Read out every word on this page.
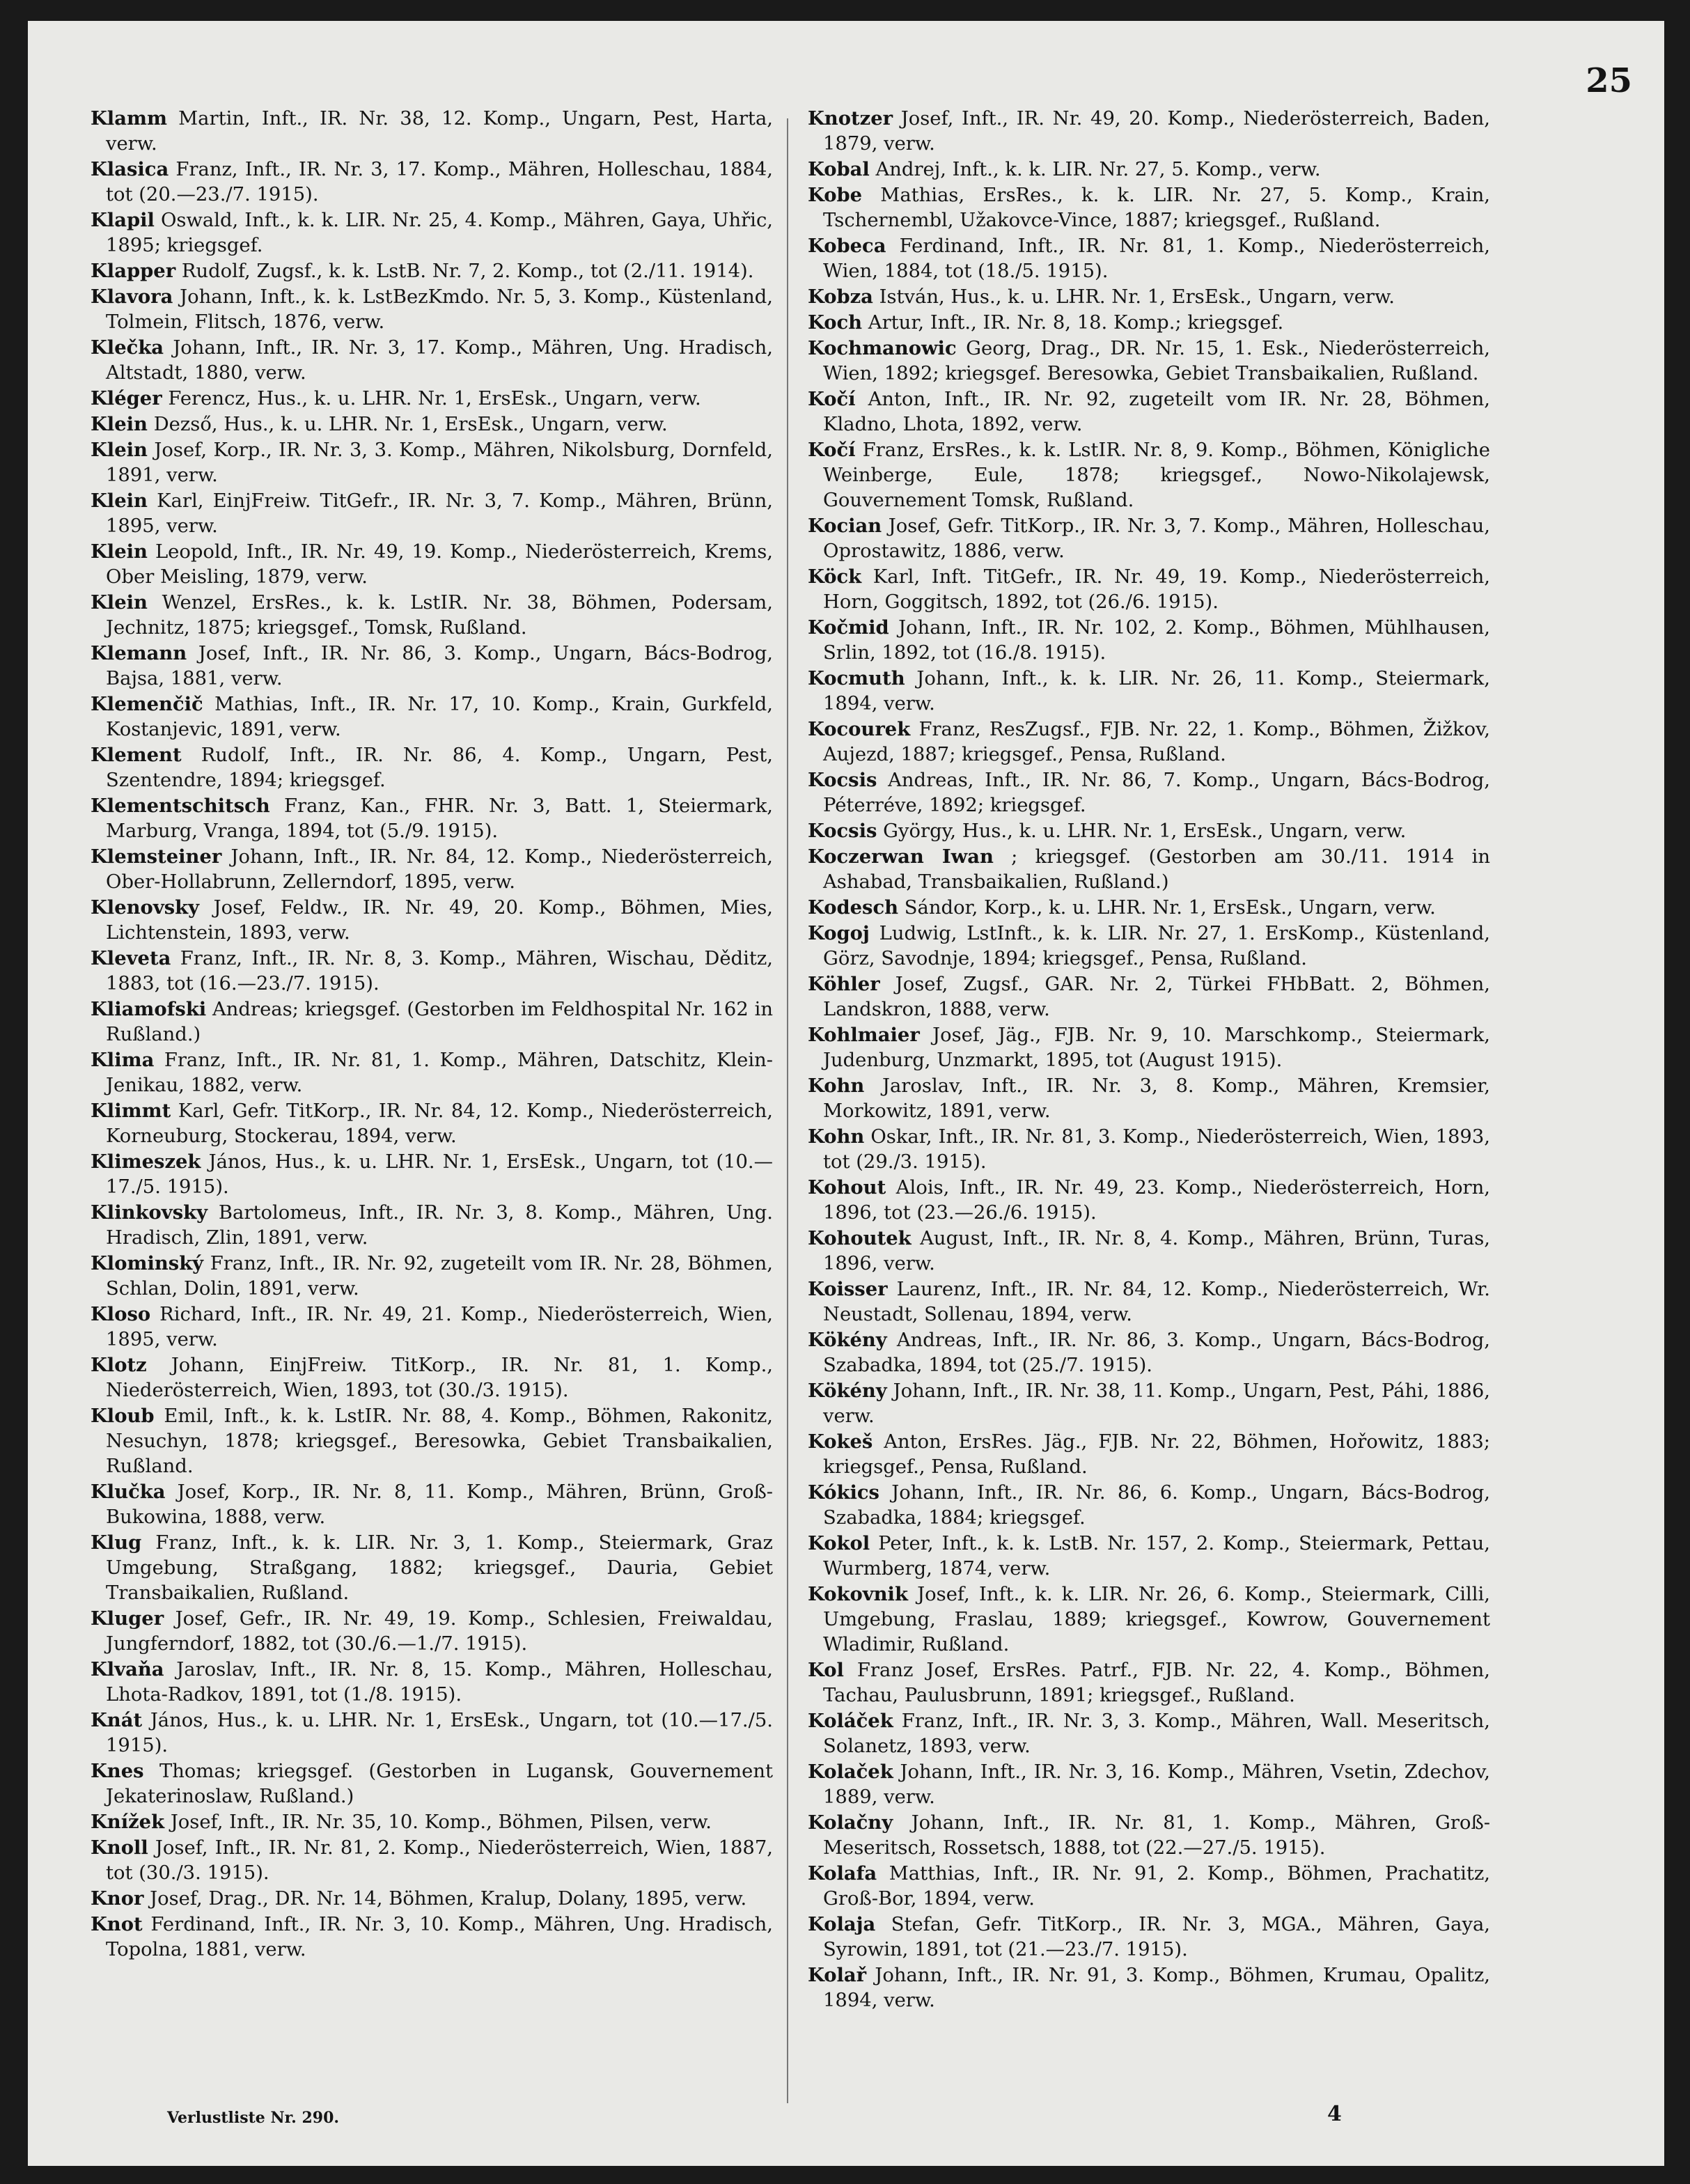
25

Klamm Martin, Inft., IR. Nr. 38, 12. Komp., Ungarn, Pest, Harta, verw.

Klasica Franz, Inft., IR. Nr. 3, 17. Komp., Mähren, Holleschau, 1884, tot (20.—23./7. 1915).

Klapil Oswald, Inft., k. k. LIR. Nr. 25, 4. Komp., Mähren, Gaya, Uhřic, 1895; kriegsgef.

Klapper Rudolf, Zugsf., k. k. LstB. Nr. 7, 2. Komp., tot (2./11. 1914).

Klavora Johann, Inft., k. k. LstBezKmdo. Nr. 5, 3. Komp., Küstenland, Tolmein, Flitsch, 1876, verw.

Klečka Johann, Inft., IR. Nr. 3, 17. Komp., Mähren, Ung. Hradisch, Altstadt, 1880, verw.

Kléger Ferencz, Hus., k. u. LHR. Nr. 1, ErsEsk., Ungarn, verw.

Klein Dezső, Hus., k. u. LHR. Nr. 1, ErsEsk., Ungarn, verw.

Klein Josef, Korp., IR. Nr. 3, 3. Komp., Mähren, Nikolsburg, Dornfeld, 1891, verw.

Klein Karl, EinjFreiw. TitGefr., IR. Nr. 3, 7. Komp., Mähren, Brünn, 1895, verw.

Klein Leopold, Inft., IR. Nr. 49, 19. Komp., Niederösterreich, Krems, Ober Meisling, 1879, verw.

Klein Wenzel, ErsRes., k. k. LstIR. Nr. 38, Böhmen, Podersam, Jechnitz, 1875; kriegsgef., Tomsk, Rußland.

Klemann Josef, Inft., IR. Nr. 86, 3. Komp., Ungarn, Bács-Bodrog, Bajsa, 1881, verw.

Klemenčič Mathias, Inft., IR. Nr. 17, 10. Komp., Krain, Gurkfeld, Kostanjevic, 1891, verw.

Klement Rudolf, Inft., IR. Nr. 86, 4. Komp., Ungarn, Pest, Szentendre, 1894; kriegsgef.

Klementschitsch Franz, Kan., FHR. Nr. 3, Batt. 1, Steiermark, Marburg, Vranga, 1894, tot (5./9. 1915).

Klemsteiner Johann, Inft., IR. Nr. 84, 12. Komp., Niederösterreich, Ober-Hollabrunn, Zellerndorf, 1895, verw.

Klenovsky Josef, Feldw., IR. Nr. 49, 20. Komp., Böhmen, Mies, Lichtenstein, 1893, verw.

Kleveta Franz, Inft., IR. Nr. 8, 3. Komp., Mähren, Wischau, Děditz, 1883, tot (16.—23./7. 1915).

Kliamofski Andreas; kriegsgef. (Gestorben im Feldhospital Nr. 162 in Rußland.)

Klima Franz, Inft., IR. Nr. 81, 1. Komp., Mähren, Datschitz, Klein-Jenikau, 1882, verw.

Klimmt Karl, Gefr. TitKorp., IR. Nr. 84, 12. Komp., Niederösterreich, Korneuburg, Stockerau, 1894, verw.

Klimeszek János, Hus., k. u. LHR. Nr. 1, ErsEsk., Ungarn, tot (10.—17./5. 1915).

Klinkovsky Bartolomeus, Inft., IR. Nr. 3, 8. Komp., Mähren, Ung. Hradisch, Zlin, 1891, verw.

Klominský Franz, Inft., IR. Nr. 92, zugeteilt vom IR. Nr. 28, Böhmen, Schlan, Dolin, 1891, verw.

Kloso Richard, Inft., IR. Nr. 49, 21. Komp., Niederösterreich, Wien, 1895, verw.

Klotz Johann, EinjFreiw. TitKorp., IR. Nr. 81, 1. Komp., Niederösterreich, Wien, 1893, tot (30./3. 1915).

Kloub Emil, Inft., k. k. LstIR. Nr. 88, 4. Komp., Böhmen, Rakonitz, Nesuchyn, 1878; kriegsgef., Beresowka, Gebiet Transbaikalien, Rußland.

Klučka Josef, Korp., IR. Nr. 8, 11. Komp., Mähren, Brünn, Groß-Bukowina, 1888, verw.

Klug Franz, Inft., k. k. LIR. Nr. 3, 1. Komp., Steiermark, Graz Umgebung, Straßgang, 1882; kriegsgef., Dauria, Gebiet Transbaikalien, Rußland.

Kluger Josef, Gefr., IR. Nr. 49, 19. Komp., Schlesien, Freiwaldau, Jungferndorf, 1882, tot (30./6.—1./7. 1915).

Klvaňa Jaroslav, Inft., IR. Nr. 8, 15. Komp., Mähren, Holleschau, Lhota-Radkov, 1891, tot (1./8. 1915).

Knát János, Hus., k. u. LHR. Nr. 1, ErsEsk., Ungarn, tot (10.—17./5. 1915).

Knes Thomas; kriegsgef. (Gestorben in Lugansk, Gouvernement Jekaterinoslaw, Rußland.)

Knížek Josef, Inft., IR. Nr. 35, 10. Komp., Böhmen, Pilsen, verw.

Knoll Josef, Inft., IR. Nr. 81, 2. Komp., Niederösterreich, Wien, 1887, tot (30./3. 1915).

Knor Josef, Drag., DR. Nr. 14, Böhmen, Kralup, Dolany, 1895, verw.

Knot Ferdinand, Inft., IR. Nr. 3, 10. Komp., Mähren, Ung. Hradisch, Topolna, 1881, verw.

Knotzer Josef, Inft., IR. Nr. 49, 20. Komp., Niederösterreich, Baden, 1879, verw.

Kobal Andrej, Inft., k. k. LIR. Nr. 27, 5. Komp., verw.

Kobe Mathias, ErsRes., k. k. LIR. Nr. 27, 5. Komp., Krain, Tschernembl, Užakovce-Vince, 1887; kriegsgef., Rußland.

Kobeca Ferdinand, Inft., IR. Nr. 81, 1. Komp., Niederösterreich, Wien, 1884, tot (18./5. 1915).

Kobza István, Hus., k. u. LHR. Nr. 1, ErsEsk., Ungarn, verw.

Koch Artur, Inft., IR. Nr. 8, 18. Komp.; kriegsgef.

Kochmanowic Georg, Drag., DR. Nr. 15, 1. Esk., Niederösterreich, Wien, 1892; kriegsgef. Beresowka, Gebiet Transbaikalien, Rußland.

Kočí Anton, Inft., IR. Nr. 92, zugeteilt vom IR. Nr. 28, Böhmen, Kladno, Lhota, 1892, verw.

Kočí Franz, ErsRes., k. k. LstIR. Nr. 8, 9. Komp., Böhmen, Königliche Weinberge, Eule, 1878; kriegsgef., Nowo-Nikolajewsk, Gouvernement Tomsk, Rußland.

Kocian Josef, Gefr. TitKorp., IR. Nr. 3, 7. Komp., Mähren, Holleschau, Oprostawitz, 1886, verw.

Köck Karl, Inft. TitGefr., IR. Nr. 49, 19. Komp., Niederösterreich, Horn, Goggitsch, 1892, tot (26./6. 1915).

Kočmid Johann, Inft., IR. Nr. 102, 2. Komp., Böhmen, Mühlhausen, Srlin, 1892, tot (16./8. 1915).

Kocmuth Johann, Inft., k. k. LIR. Nr. 26, 11. Komp., Steiermark, 1894, verw.

Kocourek Franz, ResZugsf., FJB. Nr. 22, 1. Komp., Böhmen, Žižkov, Aujezd, 1887; kriegsgef., Pensa, Rußland.

Kocsis Andreas, Inft., IR. Nr. 86, 7. Komp., Ungarn, Bács-Bodrog, Péterréve, 1892; kriegsgef.

Kocsis György, Hus., k. u. LHR. Nr. 1, ErsEsk., Ungarn, verw.

Koczerwan Iwan ; kriegsgef. (Gestorben am 30./11. 1914 in Ashabad, Transbaikalien, Rußland.)

Kodesch Sándor, Korp., k. u. LHR. Nr. 1, ErsEsk., Ungarn, verw.

Kogoj Ludwig, LstInft., k. k. LIR. Nr. 27, 1. ErsKomp., Küstenland, Görz, Savodnje, 1894; kriegsgef., Pensa, Rußland.

Köhler Josef, Zugsf., GAR. Nr. 2, Türkei FHbBatt. 2, Böhmen, Landskron, 1888, verw.

Kohlmaier Josef, Jäg., FJB. Nr. 9, 10. Marschkomp., Steiermark, Judenburg, Unzmarkt, 1895, tot (August 1915).

Kohn Jaroslav, Inft., IR. Nr. 3, 8. Komp., Mähren, Kremsier, Morkowitz, 1891, verw.

Kohn Oskar, Inft., IR. Nr. 81, 3. Komp., Niederösterreich, Wien, 1893, tot (29./3. 1915).

Kohout Alois, Inft., IR. Nr. 49, 23. Komp., Niederösterreich, Horn, 1896, tot (23.—26./6. 1915).

Kohoutek August, Inft., IR. Nr. 8, 4. Komp., Mähren, Brünn, Turas, 1896, verw.

Koisser Laurenz, Inft., IR. Nr. 84, 12. Komp., Niederösterreich, Wr. Neustadt, Sollenau, 1894, verw.

Kökény Andreas, Inft., IR. Nr. 86, 3. Komp., Ungarn, Bács-Bodrog, Szabadka, 1894, tot (25./7. 1915).

Kökény Johann, Inft., IR. Nr. 38, 11. Komp., Ungarn, Pest, Páhi, 1886, verw.

Kokeš Anton, ErsRes. Jäg., FJB. Nr. 22, Böhmen, Hořowitz, 1883; kriegsgef., Pensa, Rußland.

Kókics Johann, Inft., IR. Nr. 86, 6. Komp., Ungarn, Bács-Bodrog, Szabadka, 1884; kriegsgef.

Kokol Peter, Inft., k. k. LstB. Nr. 157, 2. Komp., Steiermark, Pettau, Wurmberg, 1874, verw.

Kokovnik Josef, Inft., k. k. LIR. Nr. 26, 6. Komp., Steiermark, Cilli, Umgebung, Fraslau, 1889; kriegsgef., Kowrow, Gouvernement Wladimir, Rußland.

Kol Franz Josef, ErsRes. Patrf., FJB. Nr. 22, 4. Komp., Böhmen, Tachau, Paulusbrunn, 1891; kriegsgef., Rußland.

Koláček Franz, Inft., IR. Nr. 3, 3. Komp., Mähren, Wall. Meseritsch, Solanetz, 1893, verw.

Kolaček Johann, Inft., IR. Nr. 3, 16. Komp., Mähren, Vsetin, Zdechov, 1889, verw.

Kolačny Johann, Inft., IR. Nr. 81, 1. Komp., Mähren, Groß-Meseritsch, Rossetsch, 1888, tot (22.—27./5. 1915).

Kolafa Matthias, Inft., IR. Nr. 91, 2. Komp., Böhmen, Prachatitz, Groß-Bor, 1894, verw.

Kolaja Stefan, Gefr. TitKorp., IR. Nr. 3, MGA., Mähren, Gaya, Syrowin, 1891, tot (21.—23./7. 1915).

Kolař Johann, Inft., IR. Nr. 91, 3. Komp., Böhmen, Krumau, Opalitz, 1894, verw.

Verlustliste Nr. 290.	4
